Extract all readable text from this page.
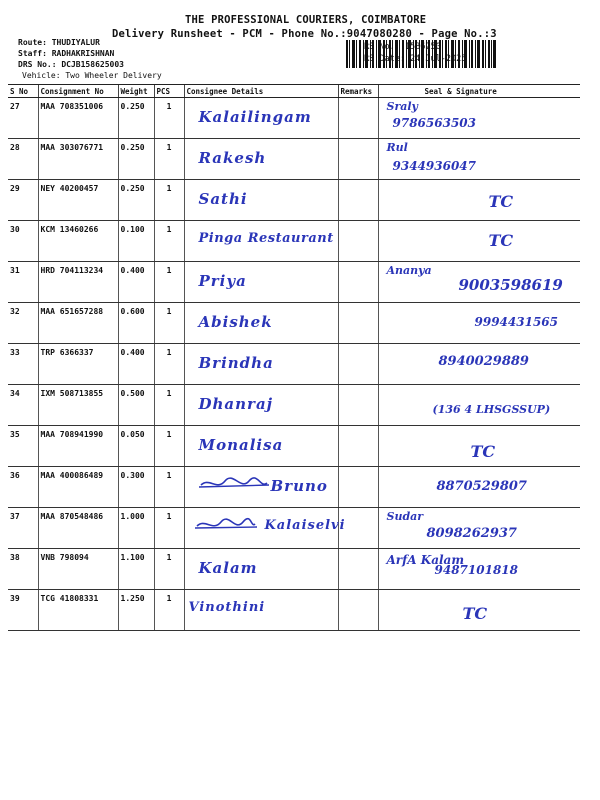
THE PROFESSIONAL COURIERS, COIMBATORE
Delivery Runsheet - PCM - Phone No.:9047080280 - Page No.:3
Route: THUDIYALUR
Staff: RADHAKRISHNAN
DRS No.: DCJB158625003
Vehicle: Two Wheeler Delivery
RS No.: 1586250
RS Date: 24-Jul-2025
S No	Consignment No	Weight	PCS	Consignee Details	Remarks	Seal & Signature
27	MAA 708351006	0.250	1	Kalailingam		Sraly
9786563503

28	MAA 303076771	0.250	1	Rakesh		Rul
9344936047

29	NEY 40200457	0.250	1	Sathi		TC

30	KCM 13460266	0.100	1	Pinga Restaurant		TC

31	HRD 704113234	0.400	1	Priya		Ananya
9003598619

32	MAA 651657288	0.600	1	Abishek		9994431565

33	TRP 6366337	0.400	1	Brindha		8940029889

34	IXM 508713855	0.500	1	Dhanraj		(136 4 LHSGSSUP)

35	MAA 708941990	0.050	1	Monalisa		TC

36	MAA 400086489	0.300	1	Bruno		8870529807

37	MAA 870548486	1.000	1	Kalaiselvi		Sudar
8098262937

38	VNB 798094	1.100	1	Kalam		ArfA Kalam
9487101818

39	TCG 41808331	1.250	1	Vinothini		TC
